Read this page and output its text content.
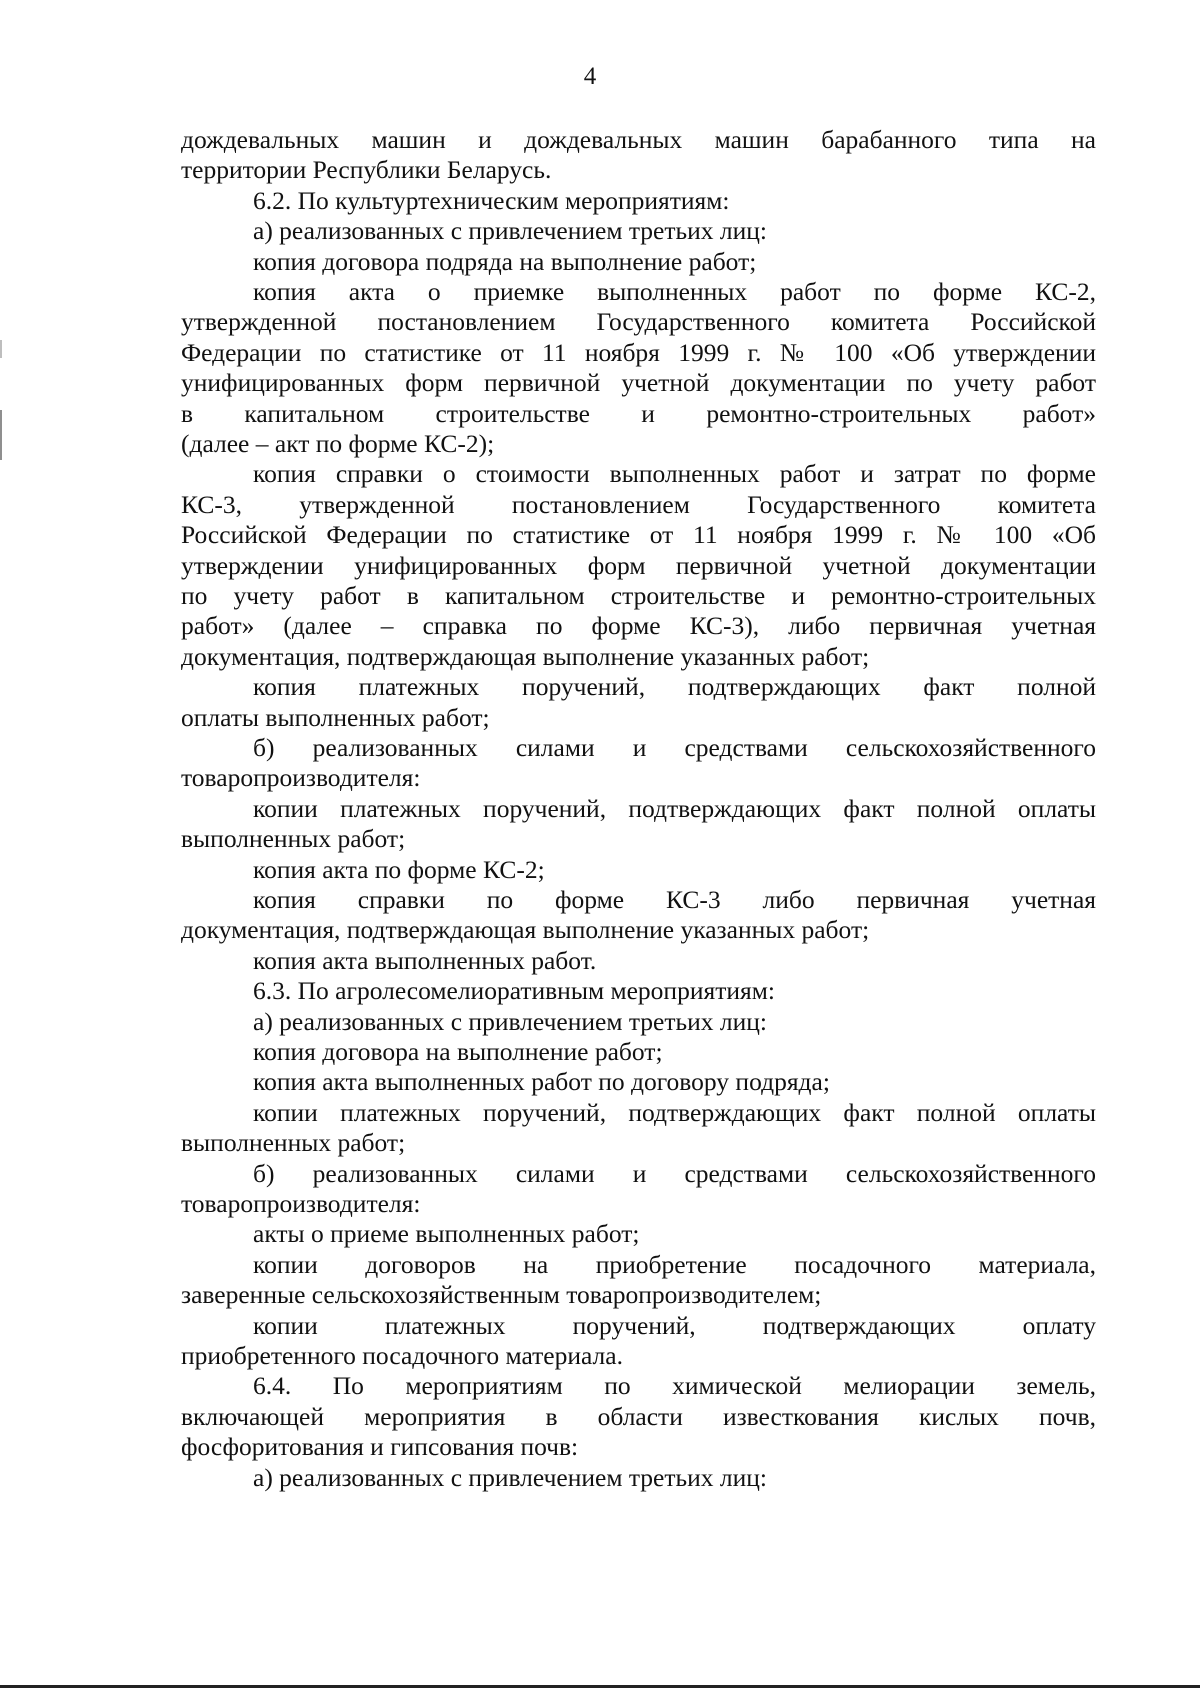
4
дождевальных машин и дождевальных машин барабанного типа на
территории Республики Беларусь.
6.2. По культуртехническим мероприятиям:
а) реализованных с привлечением третьих лиц:
копия договора подряда на выполнение работ;
копия акта о приемке выполненных работ по форме КС-2,
утвержденной постановлением Государственного комитета Российской
Федерации по статистике от 11 ноября 1999 г. № 100 «Об утверждении
унифицированных форм первичной учетной документации по учету работ
в капитальном строительстве и ремонтно-строительных работ»
(далее – акт по форме КС-2);
копия справки о стоимости выполненных работ и затрат по форме
КС-3, утвержденной постановлением Государственного комитета
Российской Федерации по статистике от 11 ноября 1999 г. № 100 «Об
утверждении унифицированных форм первичной учетной документации
по учету работ в капитальном строительстве и ремонтно-строительных
работ» (далее – справка по форме КС-3), либо первичная учетная
документация, подтверждающая выполнение указанных работ;
копия платежных поручений, подтверждающих факт полной
оплаты выполненных работ;
б) реализованных силами и средствами сельскохозяйственного
товаропроизводителя:
копии платежных поручений, подтверждающих факт полной оплаты
выполненных работ;
копия акта по форме КС-2;
копия справки по форме КС-3 либо первичная учетная
документация, подтверждающая выполнение указанных работ;
копия акта выполненных работ.
6.3. По агролесомелиоративным мероприятиям:
а) реализованных с привлечением третьих лиц:
копия договора на выполнение работ;
копия акта выполненных работ по договору подряда;
копии платежных поручений, подтверждающих факт полной оплаты
выполненных работ;
б) реализованных силами и средствами сельскохозяйственного
товаропроизводителя:
акты о приеме выполненных работ;
копии договоров на приобретение посадочного материала,
заверенные сельскохозяйственным товаропроизводителем;
копии платежных поручений, подтверждающих оплату
приобретенного посадочного материала.
6.4. По мероприятиям по химической мелиорации земель,
включающей мероприятия в области известкования кислых почв,
фосфоритования и гипсования почв:
а) реализованных с привлечением третьих лиц:
